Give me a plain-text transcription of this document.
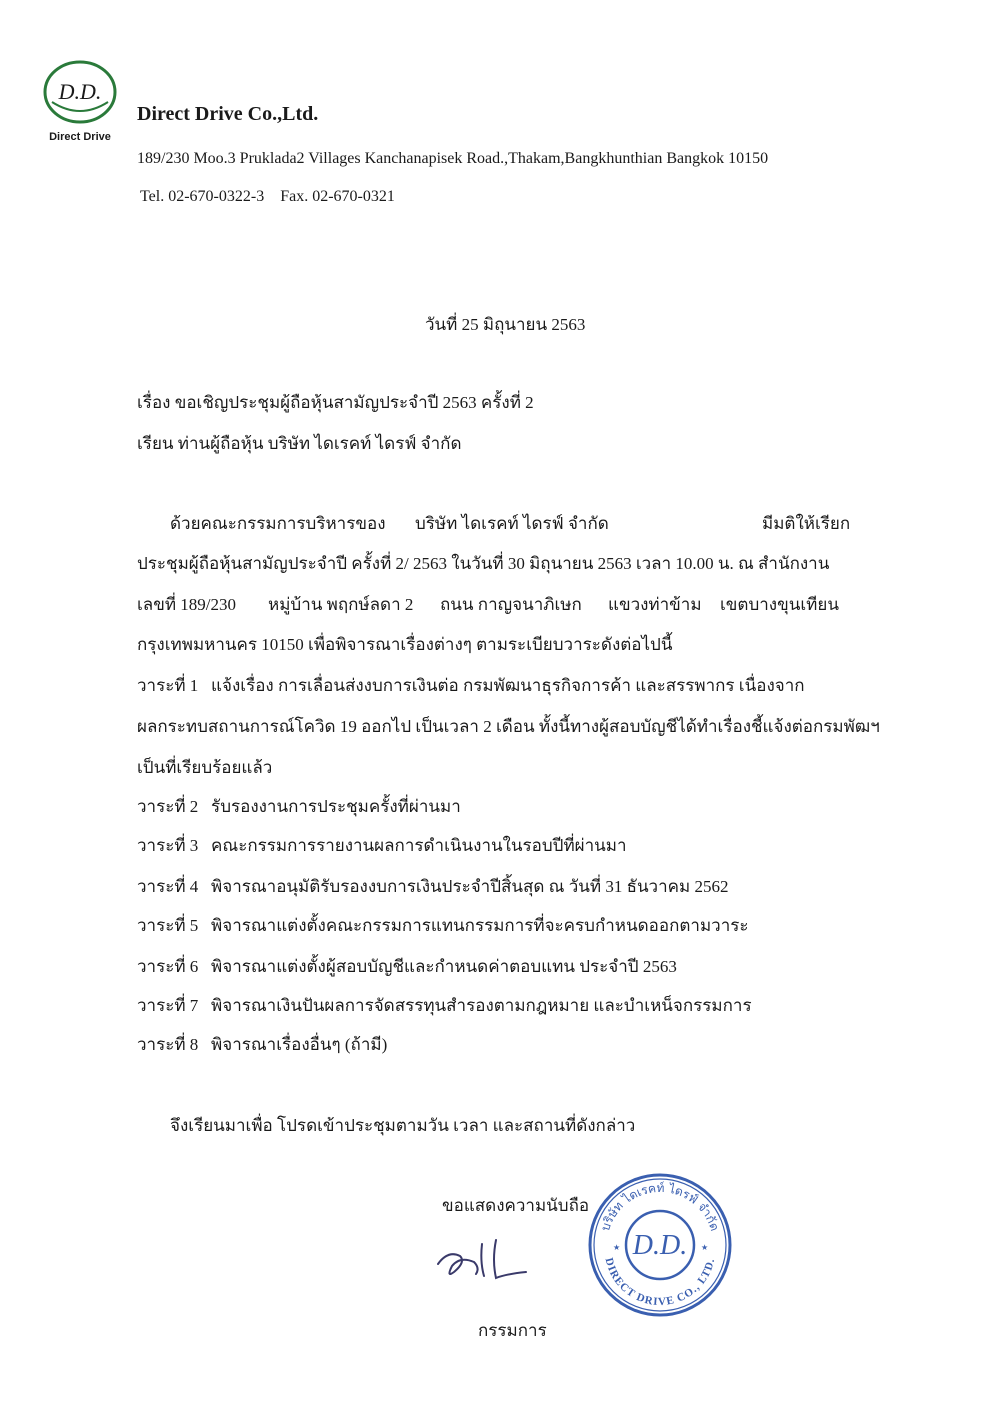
D.D.
Direct Drive
Direct Drive Co.,Ltd.
189/230 Moo.3 Pruklada2 Villages Kanchanapisek Road.,Thakam,Bangkhunthian Bangkok 10150
Tel. 02-670-0322-3    Fax. 02-670-0321
วันที่ 25 มิถุนายน 2563
เรื่อง ขอเชิญประชุมผู้ถือหุ้นสามัญประจำปี 2563 ครั้งที่ 2
เรียน ท่านผู้ถือหุ้น บริษัท ไดเรคท์ ไดรฟ์ จำกัด
ด้วยคณะกรรมการบริหารของ บริษัท ไดเรคท์ ไดรฟ์ จำกัด	มีมติให้เรียก
ประชุมผู้ถือหุ้นสามัญประจำปี ครั้งที่ 2/ 2563 ในวันที่ 30 มิถุนายน 2563 เวลา 10.00 น. ณ สำนักงาน
เลขที่ 189/230 หมู่บ้าน พฤกษ์ลดา 2 ถนน กาญจนาภิเษก แขวงท่าข้าม เขตบางขุนเทียน
กรุงเทพมหานคร 10150 เพื่อพิจารณาเรื่องต่างๆ ตามระเบียบวาระดังต่อไปนี้
วาระที่ 1   แจ้งเรื่อง การเลื่อนส่งงบการเงินต่อ กรมพัฒนาธุรกิจการค้า และสรรพากร เนื่องจาก
ผลกระทบสถานการณ์โควิด 19 ออกไป เป็นเวลา 2 เดือน ทั้งนี้ทางผู้สอบบัญชีได้ทำเรื่องชี้แจ้งต่อกรมพัฒฯ
เป็นที่เรียบร้อยแล้ว
วาระที่ 2   รับรองงานการประชุมครั้งที่ผ่านมา
วาระที่ 3   คณะกรรมการรายงานผลการดำเนินงานในรอบปีที่ผ่านมา
วาระที่ 4   พิจารณาอนุมัติรับรองงบการเงินประจำปีสิ้นสุด ณ วันที่ 31 ธันวาคม 2562
วาระที่ 5   พิจารณาแต่งตั้งคณะกรรมการแทนกรรมการที่จะครบกำหนดออกตามวาระ
วาระที่ 6   พิจารณาแต่งตั้งผู้สอบบัญชีและกำหนดค่าตอบแทน ประจำปี 2563
วาระที่ 7   พิจารณาเงินปันผลการจัดสรรทุนสำรองตามกฎหมาย และบำเหน็จกรรมการ
วาระที่ 8   พิจารณาเรื่องอื่นๆ (ถ้ามี)
จึงเรียนมาเพื่อ โปรดเข้าประชุมตามวัน เวลา และสถานที่ดังกล่าว
ขอแสดงความนับถือ
กรรมการ
บริษัท ไดเรคท์ ไดรฟ์ จำกัด
DIRECT DRIVE CO., LTD.
D.D.
★	★
